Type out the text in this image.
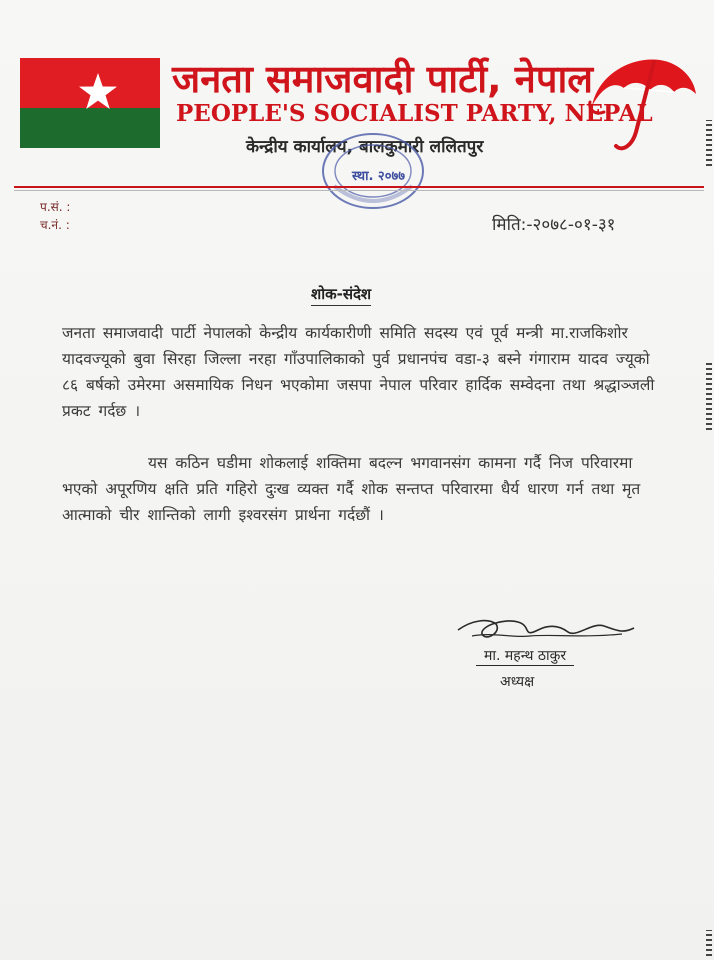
जनता समाजवादी पार्टी, नेपाल
PEOPLE'S SOCIALIST PARTY, NEPAL
केन्द्रीय कार्यालय, बालकुमारी ललितपुर
स्था. २०७७
प.सं. :
च.नं. :	मिति:-२०७८-०१-३१
शोक-संदेश
जनता समाजवादी पार्टी नेपालको केन्द्रीय कार्यकारीणी समिति सदस्य एवं पूर्व मन्त्री मा.राजकिशोर यादवज्यूको बुवा सिरहा जिल्ला नरहा गाँउपालिकाको पुर्व प्रधानपंच वडा-३ बस्ने गंगाराम यादव ज्यूको ८६ बर्षको उमेरमा असमायिक निधन भएकोमा जसपा नेपाल परिवार हार्दिक सम्वेदना तथा श्रद्धाञ्जली प्रकट गर्दछ ।
यस कठिन घडीमा शोकलाई शक्तिमा बदल्न भगवानसंग कामना गर्दै निज परिवारमा भएको अपूरणिय क्षति प्रति गहिरो दुःख व्यक्त गर्दै शोक सन्तप्त परिवारमा धैर्य धारण गर्न तथा मृत आत्माको चीर शान्तिको लागी इश्वरसंग प्रार्थना गर्दछौं ।
मा. महन्थ ठाकुर
अध्यक्ष
